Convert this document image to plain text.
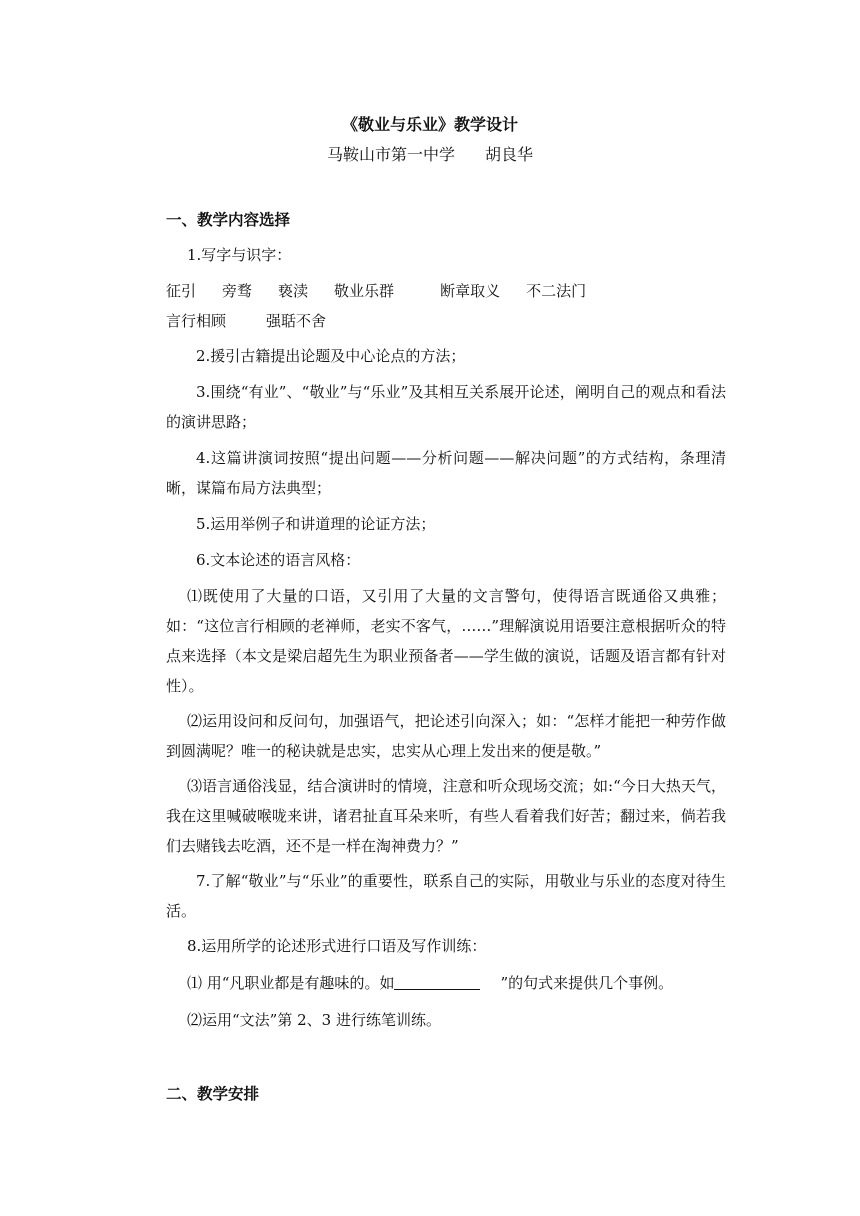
《敬业与乐业》教学设计
马鞍山市第一中学 胡良华
一、教学内容选择
1.写字与识字：
征引 旁骛 亵渎 敬业乐群	断章取义 不二法门
言行相顾	强聒不舍
2.援引古籍提出论题及中心论点的方法；
3.围绕“有业”、“敬业”与“乐业”及其相互关系展开论述，阐明自己的观点和看法的演讲思路；
4.这篇讲演词按照“提出问题——分析问题——解决问题”的方式结构，条理清晰，谋篇布局方法典型；
5.运用举例子和讲道理的论证方法；
6.文本论述的语言风格：
⑴既使用了大量的口语，又引用了大量的文言警句，使得语言既通俗又典雅；如：“这位言行相顾的老禅师，老实不客气，……”理解演说用语要注意根据听众的特点来选择（本文是梁启超先生为职业预备者——学生做的演说，话题及语言都有针对性）。
⑵运用设问和反问句，加强语气，把论述引向深入；如：“怎样才能把一种劳作做到圆满呢？唯一的秘诀就是忠实，忠实从心理上发出来的便是敬。”
⑶语言通俗浅显，结合演讲时的情境，注意和听众现场交流；如:“今日大热天气，我在这里喊破喉咙来讲，诸君扯直耳朵来听，有些人看着我们好苦；翻过来，倘若我们去赌钱去吃酒，还不是一样在淘神费力？”
7.了解“敬业”与“乐业”的重要性，联系自己的实际，用敬业与乐业的态度对待生活。
8.运用所学的论述形式进行口语及写作训练：
⑴ 用“凡职业都是有趣味的。如	”的句式来提供几个事例。
⑵运用“文法”第 2、3 进行练笔训练。
二、教学安排
